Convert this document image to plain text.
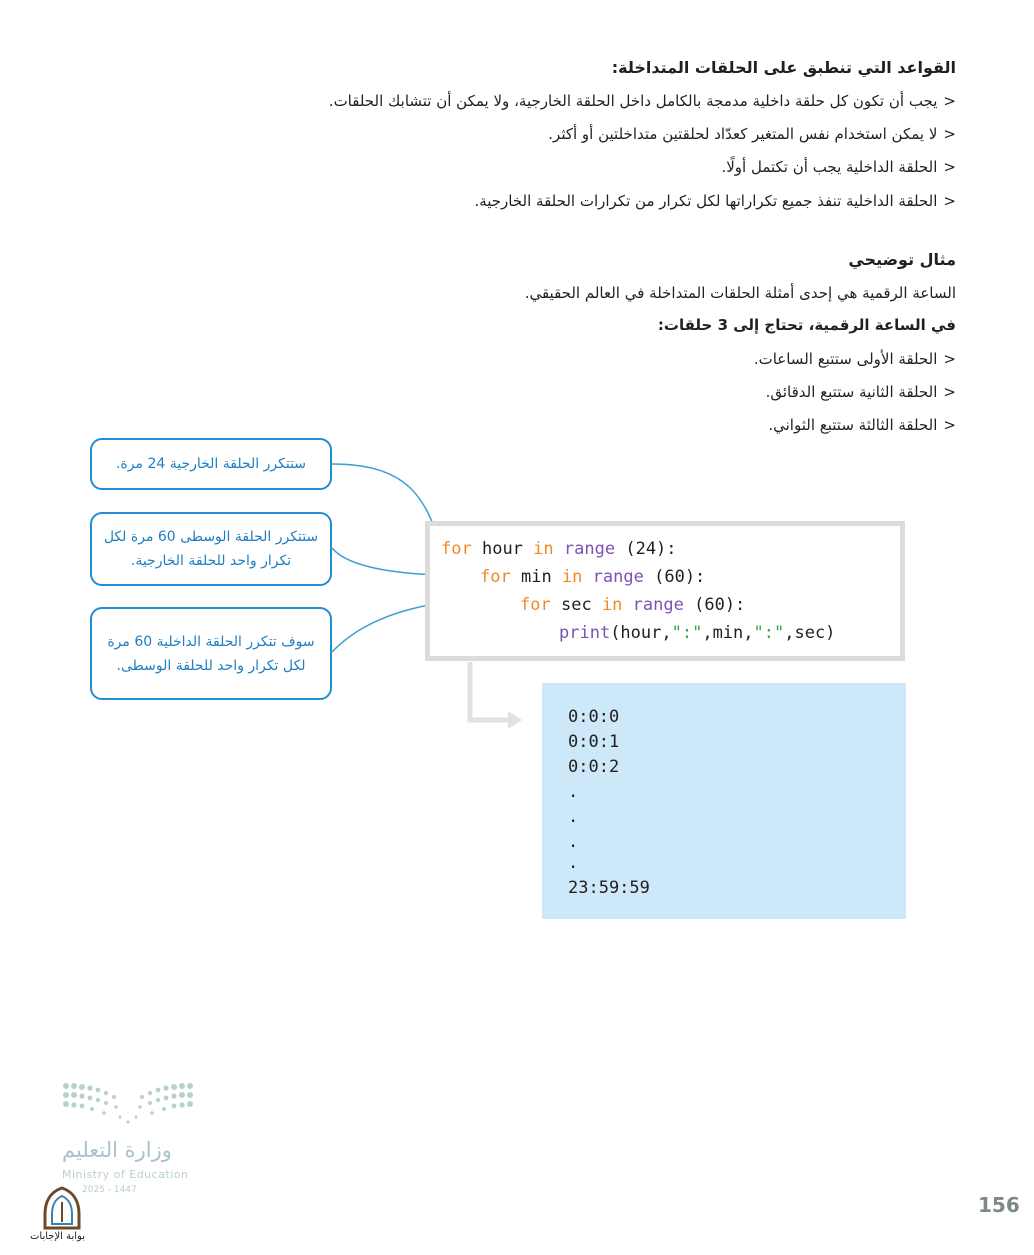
القواعد التي تنطبق على الحلقات المتداخلة:
< يجب أن تكون كل حلقة داخلية مدمجة بالكامل داخل الحلقة الخارجية، ولا يمكن أن تتشابك الحلقات.
< لا يمكن استخدام نفس المتغير كعدّاد لحلقتين متداخلتين أو أكثر.
< الحلقة الداخلية يجب أن تكتمل أولًا.
< الحلقة الداخلية تنفذ جميع تكراراتها لكل تكرار من تكرارات الحلقة الخارجية.
مثال توضيحي
الساعة الرقمية هي إحدى أمثلة الحلقات المتداخلة في العالم الحقيقي.
في الساعة الرقمية، تحتاج إلى 3 حلقات:
< الحلقة الأولى ستتبع الساعات.
< الحلقة الثانية ستتبع الدقائق.
< الحلقة الثالثة ستتبع الثواني.
ستتكرر الحلقة الخارجية 24 مرة.
ستتكرر الحلقة الوسطى 60 مرة لكل تكرار واحد للحلقة الخارجية.
سوف تتكرر الحلقة الداخلية 60 مرة لكل تكرار واحد للحلقة الوسطى.
for hour in range (24):
for min in range (60):
for sec in range (60):
print(hour,":",min,":",sec)
0:0:0
0:0:1
0:0:2
.
.
.
.
23:59:59
وزارة التعليم
Ministry of Education
2025 - 1447
بوابة الإجابات
156
